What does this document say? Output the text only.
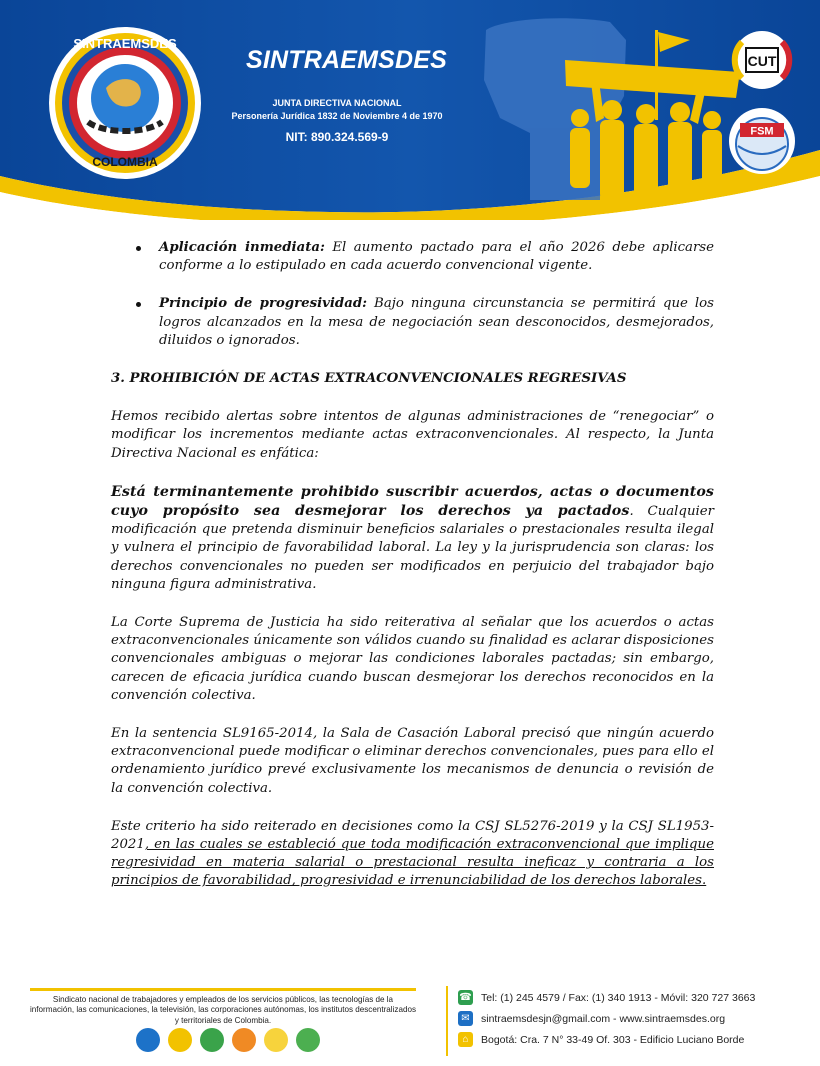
SINTRAEMSDES
COLOMBIA
SINTRAEMSDES
JUNTA DIRECTIVA NACIONAL
Personería Jurídica 1832 de Noviembre 4 de 1970
NIT: 890.324.569-9
CUT
FSM

Aplicación inmediata: El aumento pactado para el año 2026 debe aplicarse conforme a lo estipulado en cada acuerdo convencional vigente.

Principio de progresividad: Bajo ninguna circunstancia se permitirá que los logros alcanzados en la mesa de negociación sean desconocidos, desmejorados, diluidos o ignorados.

3. PROHIBICIÓN DE ACTAS EXTRACONVENCIONALES REGRESIVAS

Hemos recibido alertas sobre intentos de algunas administraciones de “renegociar” o modificar los incrementos mediante actas extraconvencionales. Al respecto, la Junta Directiva Nacional es enfática:

Está terminantemente prohibido suscribir acuerdos, actas o documentos cuyo propósito sea desmejorar los derechos ya pactados. Cualquier modificación que pretenda disminuir beneficios salariales o prestacionales resulta ilegal y vulnera el principio de favorabilidad laboral. La ley y la jurisprudencia son claras: los derechos convencionales no pueden ser modificados en perjuicio del trabajador bajo ninguna figura administrativa.

La Corte Suprema de Justicia ha sido reiterativa al señalar que los acuerdos o actas extraconvencionales únicamente son válidos cuando su finalidad es aclarar disposiciones convencionales ambiguas o mejorar las condiciones laborales pactadas; sin embargo, carecen de eficacia jurídica cuando buscan desmejorar los derechos reconocidos en la convención colectiva.

En la sentencia SL9165-2014, la Sala de Casación Laboral precisó que ningún acuerdo extraconvencional puede modificar o eliminar derechos convencionales, pues para ello el ordenamiento jurídico prevé exclusivamente los mecanismos de denuncia o revisión de la convención colectiva.

Este criterio ha sido reiterado en decisiones como la CSJ SL5276-2019 y la CSJ SL1953-2021, en las cuales se estableció que toda modificación extraconvencional que implique regresividad en materia salarial o prestacional resulta ineficaz y contraria a los principios de favorabilidad, progresividad e irrenunciabilidad de los derechos laborales.

Sindicato nacional de trabajadores y empleados de los servicios públicos, las tecnologías de la información, las comunicaciones, la televisión, las corporaciones autónomas, los institutos descentralizados y territoriales de Colombia.
☎ Tel: (1) 245 4579 / Fax: (1) 340 1913 - Móvil: 320 727 3663
✉	sintraemsdesjn@gmail.com - www.sintraemsdes.org
⌂	Bogotá: Cra. 7 N° 33-49 Of. 303 - Edificio Luciano Borde
